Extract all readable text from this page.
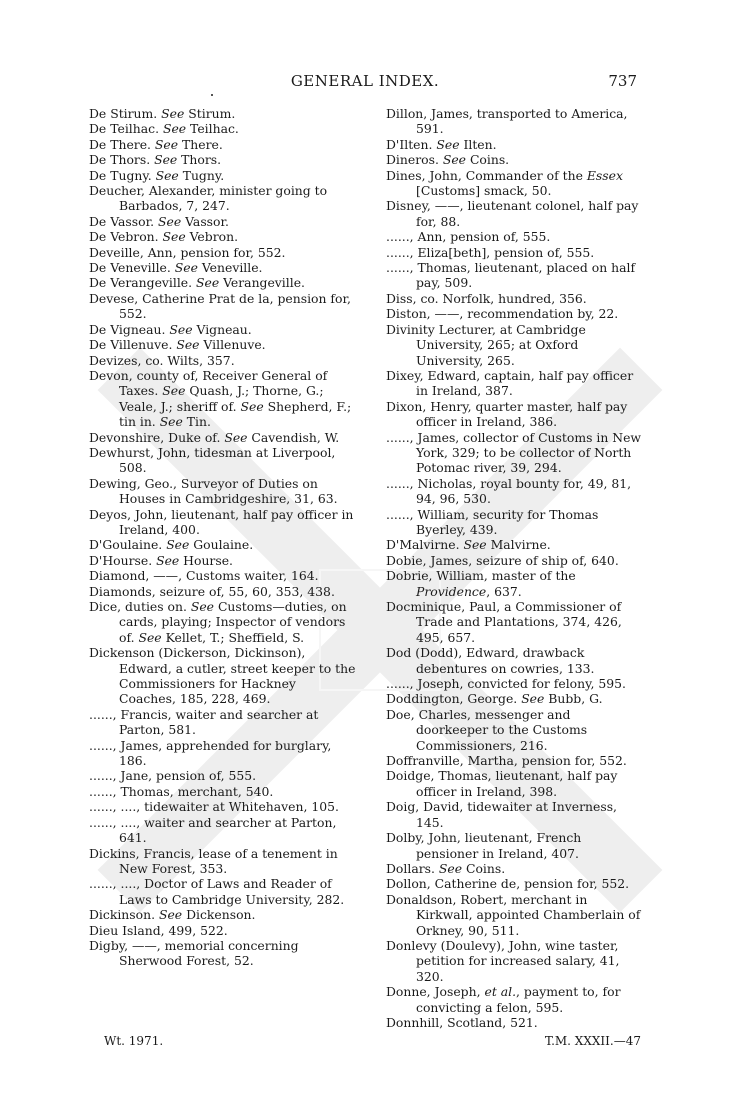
GENERAL INDEX.	737

De Stirum. See Stirum.

De Teilhac. See Teilhac.

De There. See There.

De Thors. See Thors.

De Tugny. See Tugny.

Deucher, Alexander, minister going to Barbados, 7, 247.

De Vassor. See Vassor.

De Vebron. See Vebron.

Deveille, Ann, pension for, 552.

De Veneville. See Veneville.

De Verangeville. See Verangeville.

Devese, Catherine Prat de la, pension for, 552.

De Vigneau. See Vigneau.

De Villenuve. See Villenuve.

Devizes, co. Wilts, 357.

Devon, county of, Receiver General of Taxes. See Quash, J.; Thorne, G.; Veale, J.; sheriff of. See Shepherd, F.; tin in. See Tin.

Devonshire, Duke of. See Cavendish, W.

Dewhurst, John, tidesman at Liverpool, 508.

Dewing, Geo., Surveyor of Duties on Houses in Cambridgeshire, 31, 63.

Deyos, John, lieutenant, half pay officer in Ireland, 400.

D'Goulaine. See Goulaine.

D'Hourse. See Hourse.

Diamond, ——, Customs waiter, 164.

Diamonds, seizure of, 55, 60, 353, 438.

Dice, duties on. See Customs—duties, on cards, playing; Inspector of vendors of. See Kellet, T.; Sheffield, S.

Dickenson (Dickerson, Dickinson), Edward, a cutler, street keeper to the Commissioners for Hackney Coaches, 185, 228, 469.

......, Francis, waiter and searcher at Parton, 581.

......, James, apprehended for burglary, 186.

......, Jane, pension of, 555.

......, Thomas, merchant, 540.

......, ...., tidewaiter at Whitehaven, 105.

......, ...., waiter and searcher at Parton, 641.

Dickins, Francis, lease of a tenement in New Forest, 353.

......, ...., Doctor of Laws and Reader of Laws to Cambridge University, 282.

Dickinson. See Dickenson.

Dieu Island, 499, 522.

Digby, ——, memorial concerning Sherwood Forest, 52.

Dillon, James, transported to America, 591.

D'Ilten. See Ilten.

Dineros. See Coins.

Dines, John, Commander of the Essex [Customs] smack, 50.

Disney, ——, lieutenant colonel, half pay for, 88.

......, Ann, pension of, 555.

......, Eliza[beth], pension of, 555.

......, Thomas, lieutenant, placed on half pay, 509.

Diss, co. Norfolk, hundred, 356.

Diston, ——, recommendation by, 22.

Divinity Lecturer, at Cambridge University, 265; at Oxford University, 265.

Dixey, Edward, captain, half pay officer in Ireland, 387.

Dixon, Henry, quarter master, half pay officer in Ireland, 386.

......, James, collector of Customs in New York, 329; to be collector of North Potomac river, 39, 294.

......, Nicholas, royal bounty for, 49, 81, 94, 96, 530.

......, William, security for Thomas Byerley, 439.

D'Malvirne. See Malvirne.

Dobie, James, seizure of ship of, 640.

Dobrie, William, master of the Providence, 637.

Docminique, Paul, a Commissioner of Trade and Plantations, 374, 426, 495, 657.

Dod (Dodd), Edward, drawback debentures on cowries, 133.

......, Joseph, convicted for felony, 595.

Doddington, George. See Bubb, G.

Doe, Charles, messenger and doorkeeper to the Customs Commissioners, 216.

Doffranville, Martha, pension for, 552.

Doidge, Thomas, lieutenant, half pay officer in Ireland, 398.

Doig, David, tidewaiter at Inverness, 145.

Dolby, John, lieutenant, French pensioner in Ireland, 407.

Dollars. See Coins.

Dollon, Catherine de, pension for, 552.

Donaldson, Robert, merchant in Kirkwall, appointed Chamberlain of Orkney, 90, 511.

Donlevy (Doulevy), John, wine taster, petition for increased salary, 41, 320.

Donne, Joseph, et al., payment to, for convicting a felon, 595.

Donnhill, Scotland, 521.

Wt. 1971.	T.M. XXXII.—47
